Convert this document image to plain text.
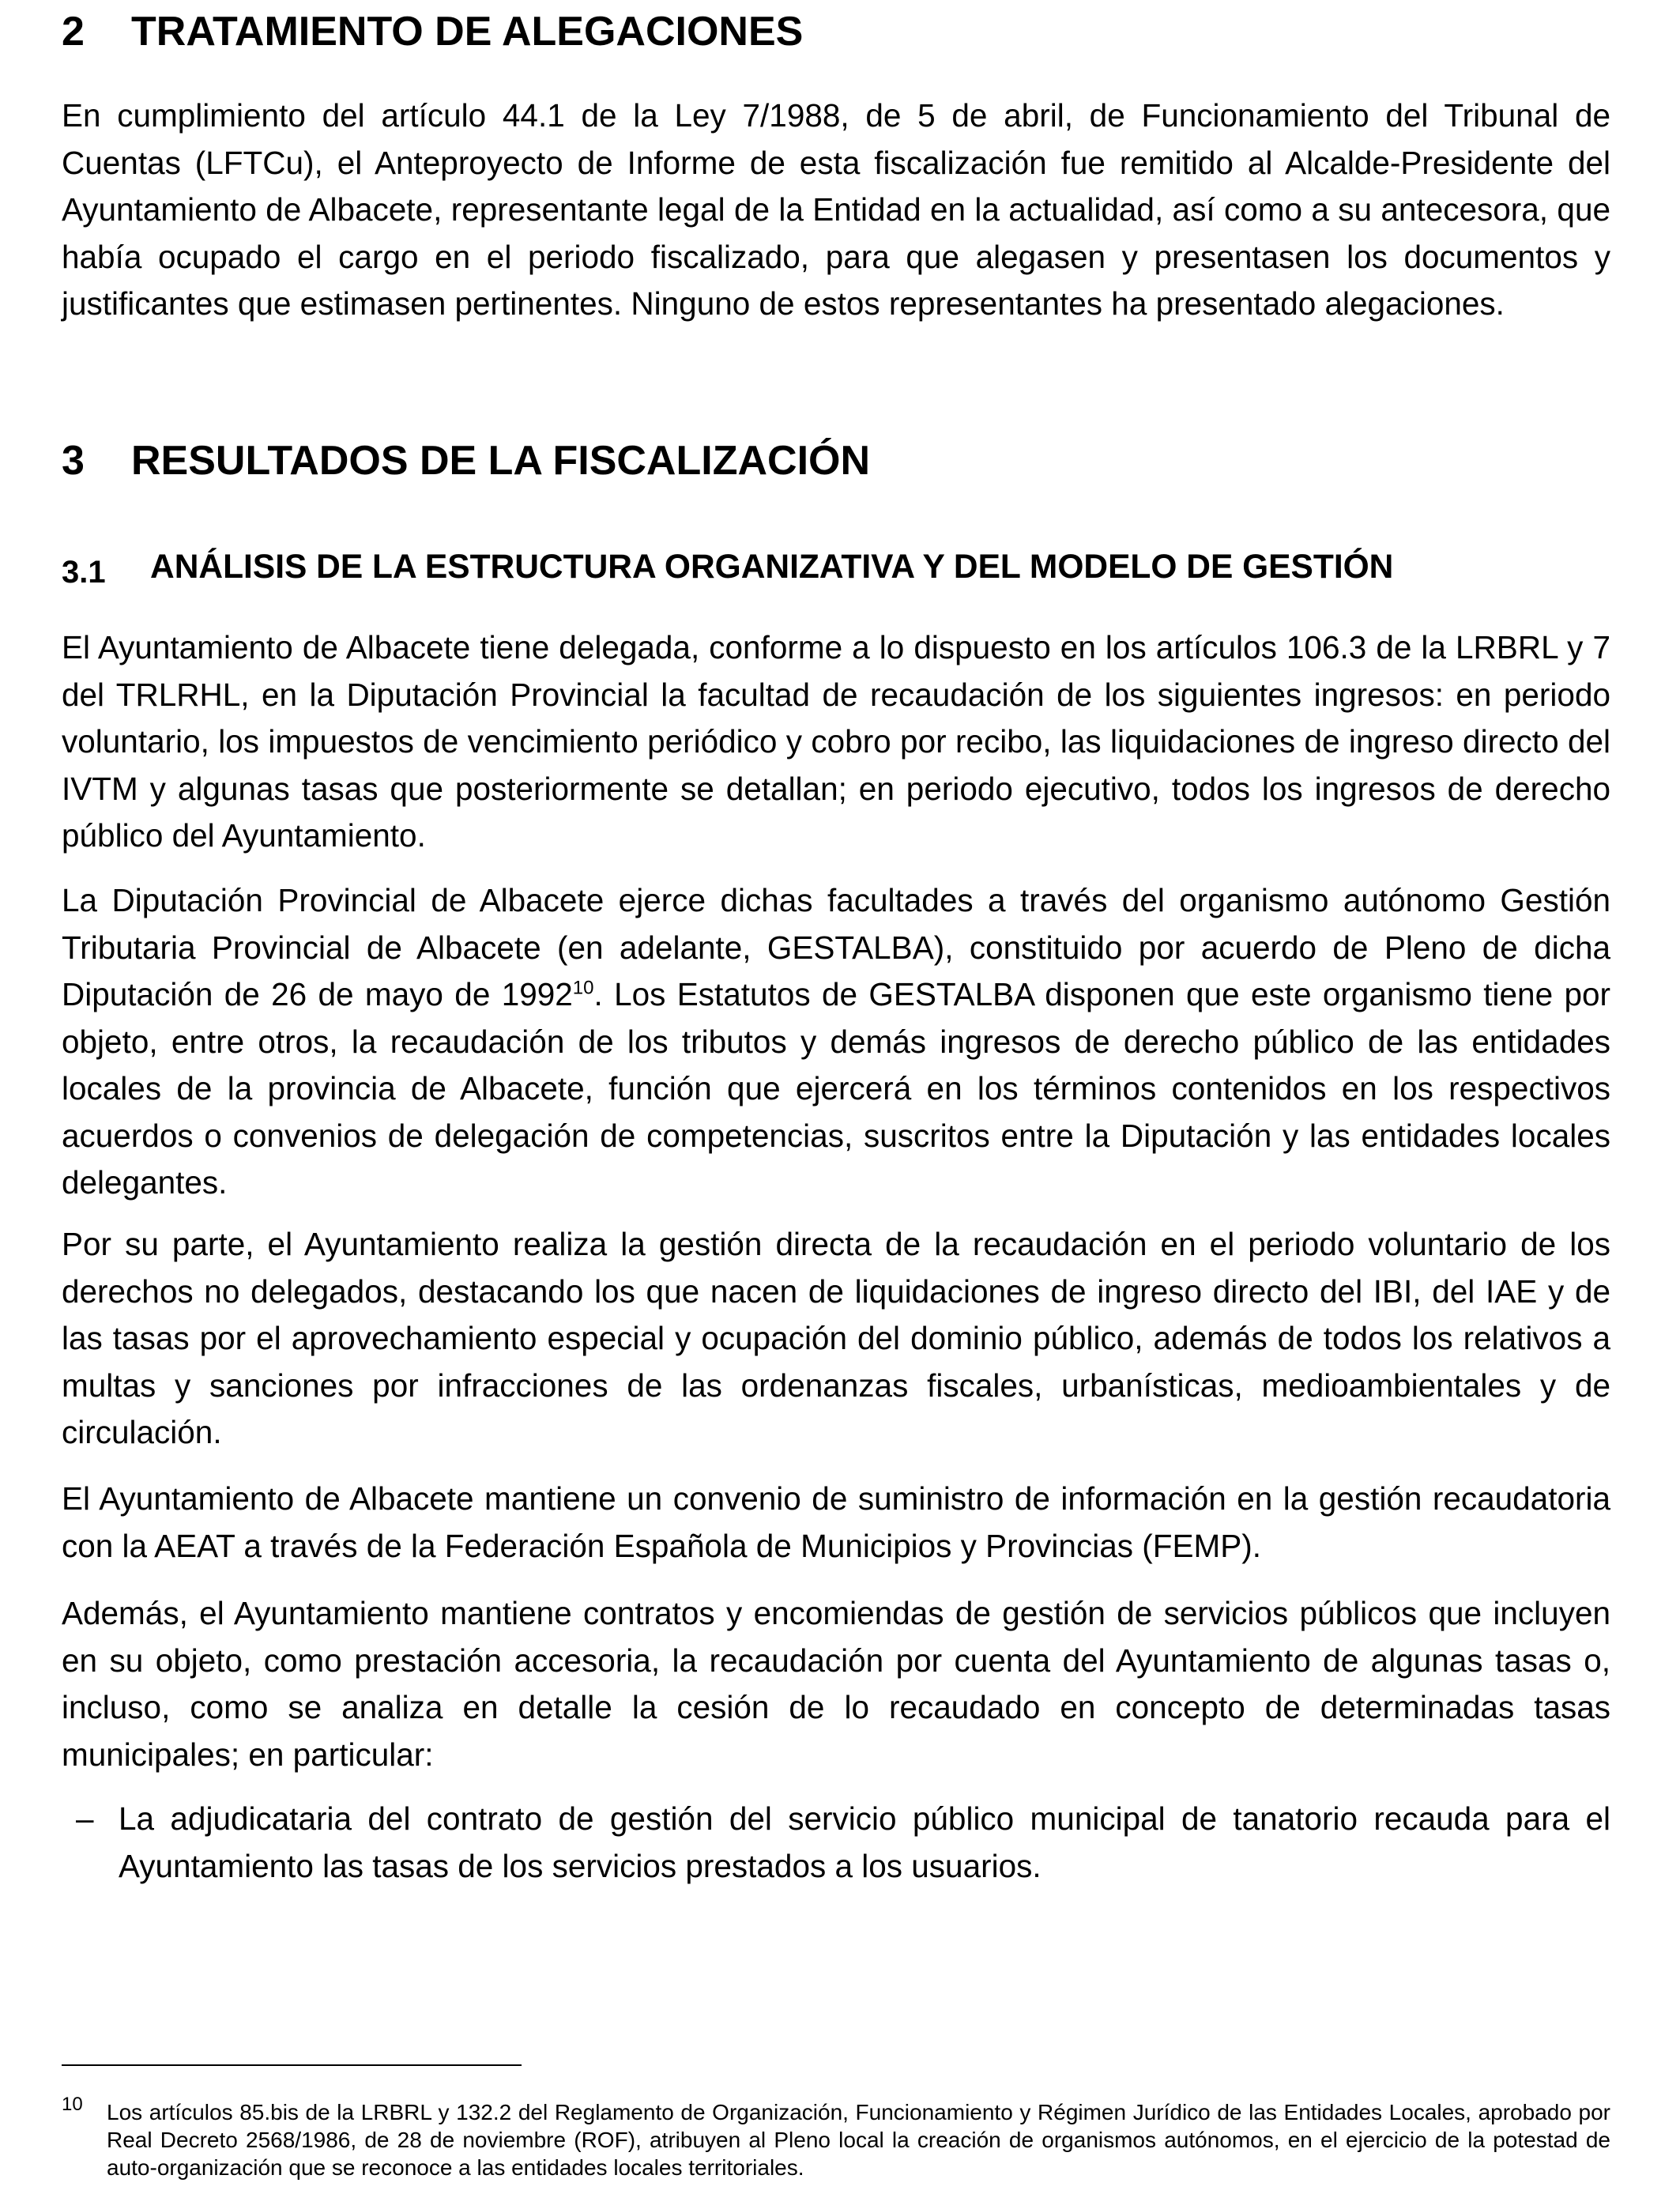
2 TRATAMIENTO DE ALEGACIONES

En cumplimiento del artículo 44.1 de la Ley 7/1988, de 5 de abril, de Funcionamiento del Tribunal de Cuentas (LFTCu), el Anteproyecto de Informe de esta fiscalización fue remitido al Alcalde-Presidente del Ayuntamiento de Albacete, representante legal de la Entidad en la actualidad, así como a su antecesora, que había ocupado el cargo en el periodo fiscalizado, para que alegasen y presentasen los documentos y justificantes que estimasen pertinentes. Ninguno de estos representantes ha presentado alegaciones.

3 RESULTADOS DE LA FISCALIZACIÓN
3.1 ANÁLISIS DE LA ESTRUCTURA ORGANIZATIVA Y DEL MODELO DE GESTIÓN

El Ayuntamiento de Albacete tiene delegada, conforme a lo dispuesto en los artículos 106.3 de la LRBRL y 7 del TRLRHL, en la Diputación Provincial la facultad de recaudación de los siguientes ingresos: en periodo voluntario, los impuestos de vencimiento periódico y cobro por recibo, las liquidaciones de ingreso directo del IVTM y algunas tasas que posteriormente se detallan; en periodo ejecutivo, todos los ingresos de derecho público del Ayuntamiento.

La Diputación Provincial de Albacete ejerce dichas facultades a través del organismo autónomo Gestión Tributaria Provincial de Albacete (en adelante, GESTALBA), constituido por acuerdo de Pleno de dicha Diputación de 26 de mayo de 1992$^{10}$. Los Estatutos de GESTALBA disponen que este organismo tiene por objeto, entre otros, la recaudación de los tributos y demás ingresos de derecho público de las entidades locales de la provincia de Albacete, función que ejercerá en los términos contenidos en los respectivos acuerdos o convenios de delegación de competencias, suscritos entre la Diputación y las entidades locales delegantes.

Por su parte, el Ayuntamiento realiza la gestión directa de la recaudación en el periodo voluntario de los derechos no delegados, destacando los que nacen de liquidaciones de ingreso directo del IBI, del IAE y de las tasas por el aprovechamiento especial y ocupación del dominio público, además de todos los relativos a multas y sanciones por infracciones de las ordenanzas fiscales, urbanísticas, medioambientales y de circulación.

El Ayuntamiento de Albacete mantiene un convenio de suministro de información en la gestión recaudatoria con la AEAT a través de la Federación Española de Municipios y Provincias (FEMP).

Además, el Ayuntamiento mantiene contratos y encomiendas de gestión de servicios públicos que incluyen en su objeto, como prestación accesoria, la recaudación por cuenta del Ayuntamiento de algunas tasas o, incluso, como se analiza en detalle la cesión de lo recaudado en concepto de determinadas tasas municipales; en particular:

– La adjudicataria del contrato de gestión del servicio público municipal de tanatorio recauda para el Ayuntamiento las tasas de los servicios prestados a los usuarios.
10 Los artículos 85.bis de la LRBRL y 132.2 del Reglamento de Organización, Funcionamiento y Régimen Jurídico de las Entidades Locales, aprobado por Real Decreto 2568/1986, de 28 de noviembre (ROF), atribuyen al Pleno local la creación de organismos autónomos, en el ejercicio de la potestad de auto-organización que se reconoce a las entidades locales territoriales.
